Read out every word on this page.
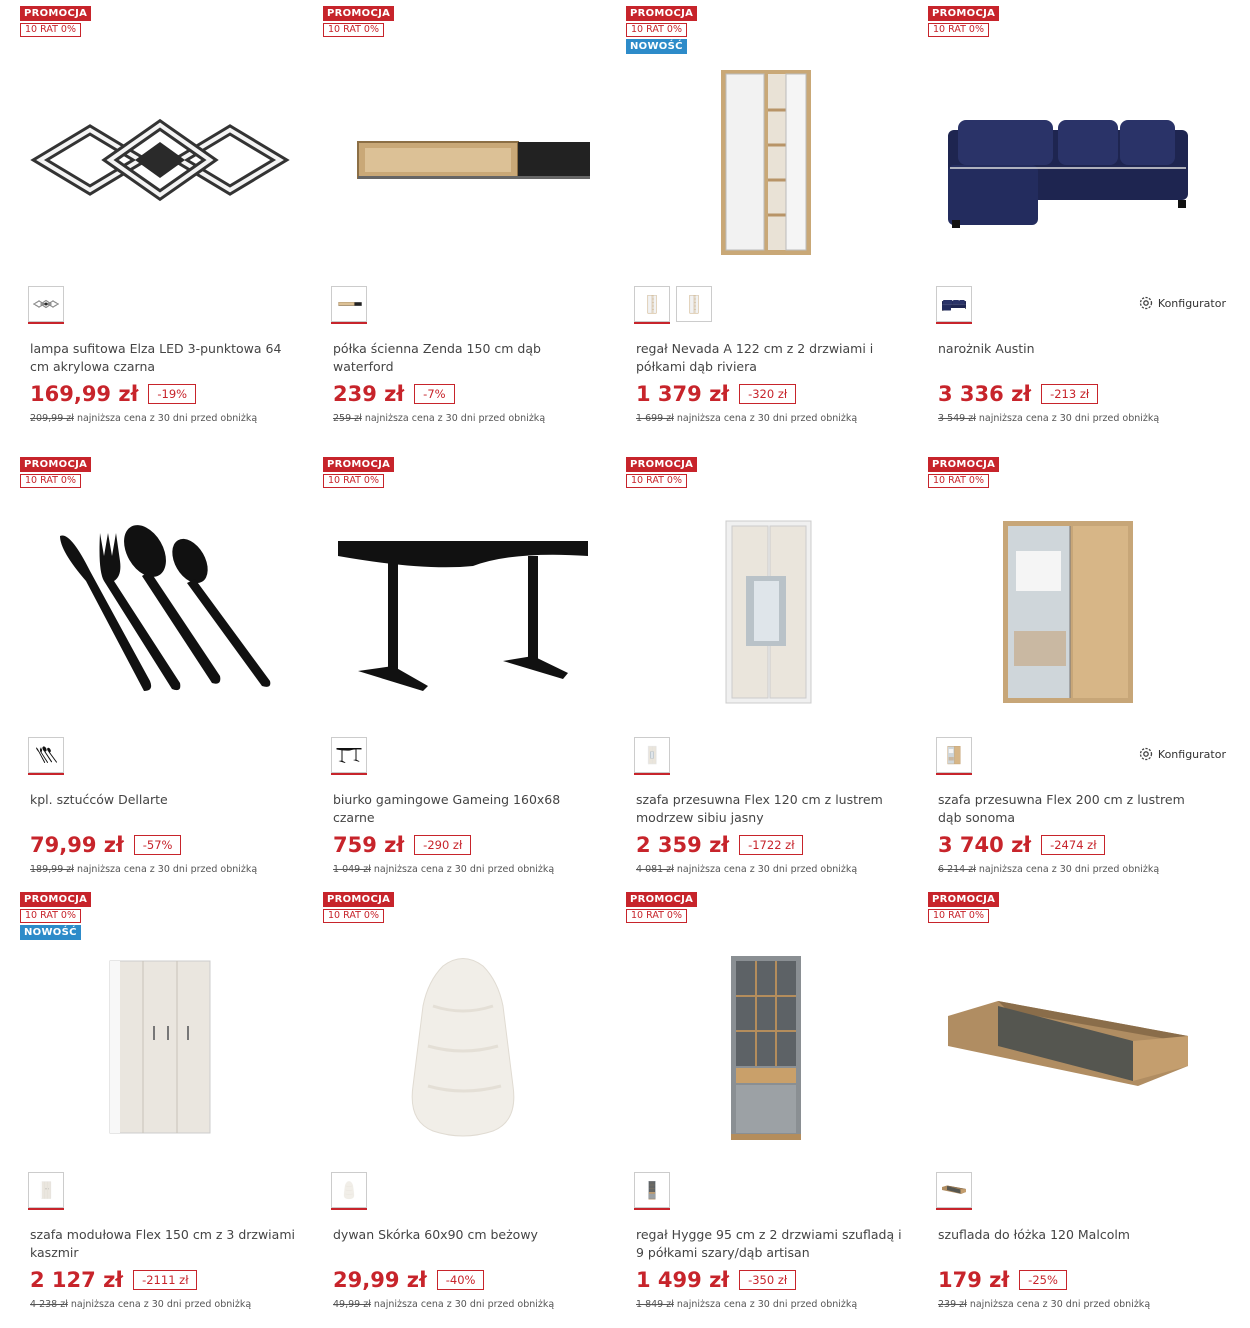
PROMOCJA
10 RAT 0%
lampa sufitowa Elza LED 3-punktowa 64 cm akrylowa czarna
169,99 zł	-19%
209,99 zł najniższa cena z 30 dni przed obniżką
PROMOCJA
10 RAT 0%
półka ścienna Zenda 150 cm dąb waterford
239 zł	-7%
259 zł najniższa cena z 30 dni przed obniżką
PROMOCJA
10 RAT 0%
NOWOŚĆ
regał Nevada A 122 cm z 2 drzwiami i półkami dąb riviera
1 379 zł	-320 zł
1 699 zł najniższa cena z 30 dni przed obniżką
PROMOCJA
10 RAT 0%
Konfigurator
narożnik Austin
3 336 zł	-213 zł
3 549 zł najniższa cena z 30 dni przed obniżką
PROMOCJA
10 RAT 0%
kpl. sztućców Dellarte
79,99 zł	-57%
189,99 zł najniższa cena z 30 dni przed obniżką
PROMOCJA
10 RAT 0%
biurko gamingowe Gameing 160x68 czarne
759 zł	-290 zł
1 049 zł najniższa cena z 30 dni przed obniżką
PROMOCJA
10 RAT 0%
szafa przesuwna Flex 120 cm z lustrem modrzew sibiu jasny
2 359 zł	-1722 zł
4 081 zł najniższa cena z 30 dni przed obniżką
PROMOCJA
10 RAT 0%
Konfigurator
szafa przesuwna Flex 200 cm z lustrem dąb sonoma
3 740 zł	-2474 zł
6 214 zł najniższa cena z 30 dni przed obniżką
PROMOCJA
10 RAT 0%
NOWOŚĆ
szafa modułowa Flex 150 cm z 3 drzwiami kaszmir
2 127 zł	-2111 zł
4 238 zł najniższa cena z 30 dni przed obniżką
PROMOCJA
10 RAT 0%
dywan Skórka 60x90 cm beżowy
29,99 zł	-40%
49,99 zł najniższa cena z 30 dni przed obniżką
PROMOCJA
10 RAT 0%
regał Hygge 95 cm z 2 drzwiami szufladą i 9 półkami szary/dąb artisan
1 499 zł	-350 zł
1 849 zł najniższa cena z 30 dni przed obniżką
PROMOCJA
10 RAT 0%
szuflada do łóżka 120 Malcolm
179 zł	-25%
239 zł najniższa cena z 30 dni przed obniżką
